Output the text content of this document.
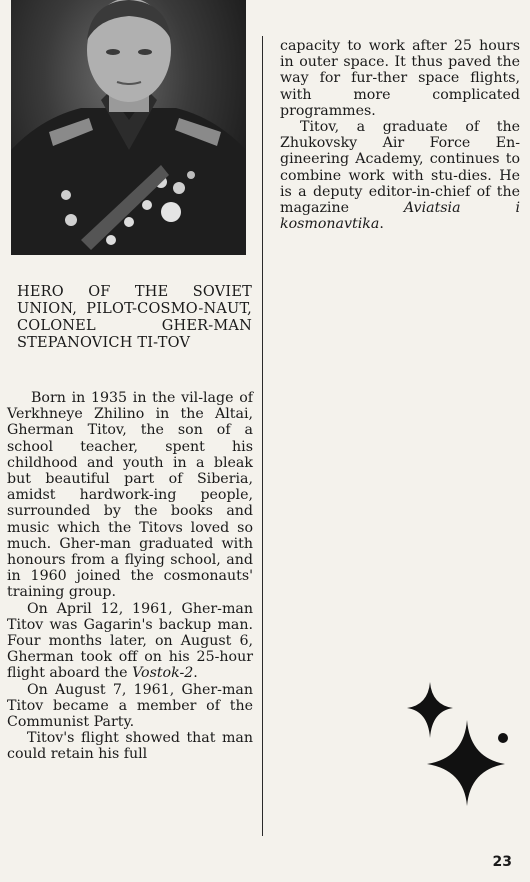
HERO OF THE SOVIET UNION, PILOT-COSMO-NAUT, COLONEL GHER-MAN STEPANOVICH TI-TOV

Born in 1935 in the vil-lage of Verkhneye Zhilino in the Altai, Gherman Titov, the son of a school teacher, spent his childhood and youth in a bleak but beautiful part of Siberia, amidst hardwork-ing people, surrounded by the books and music which the Titovs loved so much. Gher-man graduated with honours from a flying school, and in 1960 joined the cosmonauts' training group.

On April 12, 1961, Gher-man Titov was Gagarin's backup man. Four months later, on August 6, Gherman took off on his 25-hour flight aboard the Vostok-2.

On August 7, 1961, Gher-man Titov became a member of the Communist Party.

Titov's flight showed that man could retain his full

capacity to work after 25 hours in outer space. It thus paved the way for fur-ther space flights, with more complicated programmes.

Titov, a graduate of the Zhukovsky Air Force En-gineering Academy, continues to combine work with stu-dies. He is a deputy editor-in-chief of the magazine Aviatsia i kosmonavtika.

23
